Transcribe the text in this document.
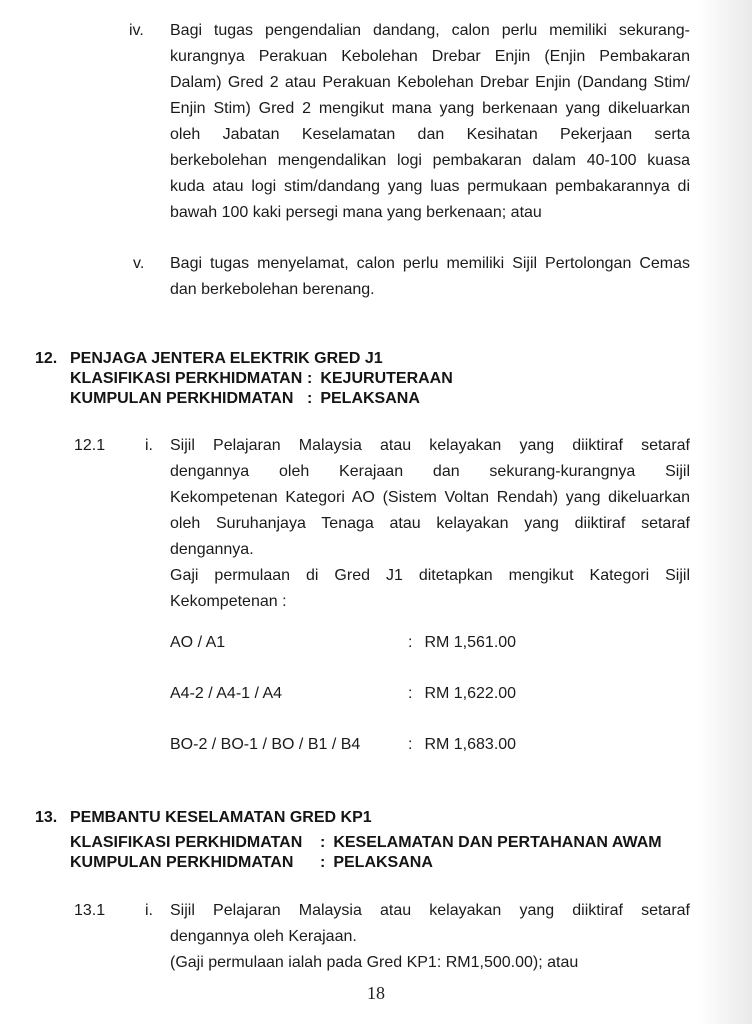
iv.	Bagi tugas pengendalian dandang, calon perlu memiliki sekurang-
kurangnya Perakuan Kebolehan Drebar Enjin (Enjin Pembakaran
Dalam) Gred 2 atau Perakuan Kebolehan Drebar Enjin (Dandang Stim/
Enjin Stim) Gred 2 mengikut mana yang berkenaan yang dikeluarkan
oleh Jabatan Keselamatan dan Kesihatan Pekerjaan serta
berkebolehan mengendalikan logi pembakaran dalam 40-100 kuasa
kuda atau logi stim/dandang yang luas permukaan pembakarannya di
bawah 100 kaki persegi mana yang berkenaan; atau
v.	Bagi tugas menyelamat, calon perlu memiliki Sijil Pertolongan Cemas
dan berkebolehan berenang.
12. PENJAGA JENTERA ELEKTRIK GRED J1
KLASIFIKASI PERKHIDMATAN : KEJURUTERAAN
KUMPULAN PERKHIDMATAN : PELAKSANA
12.1	i.	Sijil Pelajaran Malaysia atau kelayakan yang diiktiraf setaraf
dengannya oleh Kerajaan dan sekurang-kurangnya Sijil
Kekompetenan Kategori AO (Sistem Voltan Rendah) yang dikeluarkan
oleh Suruhanjaya Tenaga atau kelayakan yang diiktiraf setaraf
dengannya.
Gaji permulaan di Gred J1 ditetapkan mengikut Kategori Sijil
Kekompetenan :
AO / A1	: RM 1,561.00
A4-2 / A4-1 / A4	: RM 1,622.00
BO-2 / BO-1 / BO / B1 / B4	: RM 1,683.00
13. PEMBANTU KESELAMATAN GRED KP1
KLASIFIKASI PERKHIDMATAN	: KESELAMATAN DAN PERTAHANAN AWAM
KUMPULAN PERKHIDMATAN	: PELAKSANA
13.1	i.	Sijil Pelajaran Malaysia atau kelayakan yang diiktiraf setaraf
dengannya oleh Kerajaan.
(Gaji permulaan ialah pada Gred KP1: RM1,500.00); atau
18
